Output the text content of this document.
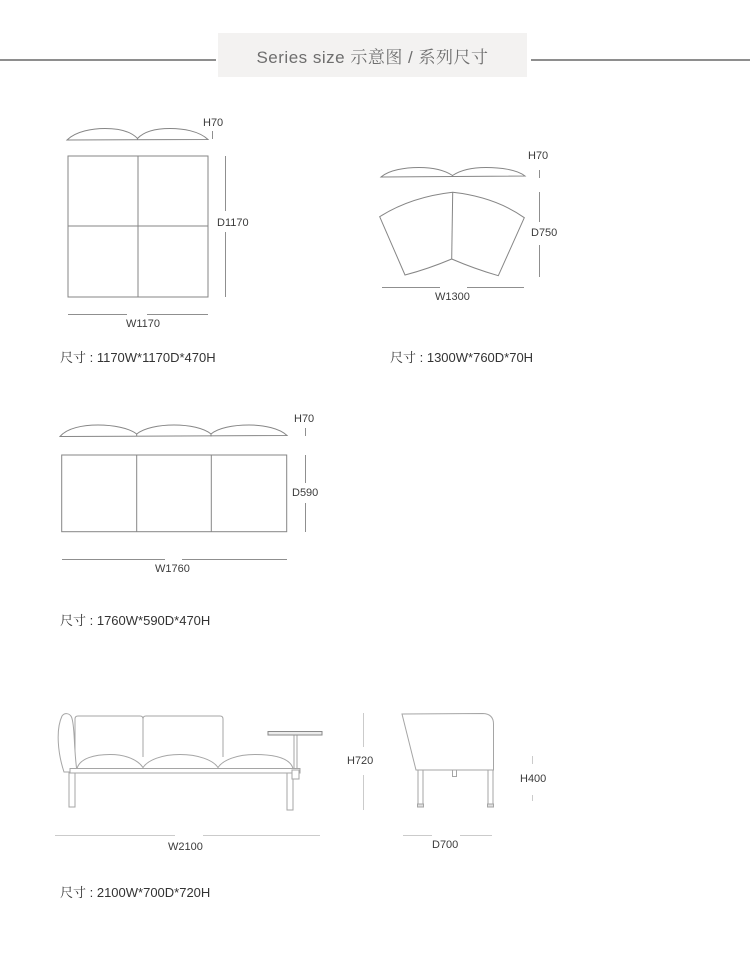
Series size 示意图 / 系列尺寸
H70
D1170
W1170
尺寸 : 1170W*1170D*470H
H70
D750
W1300
尺寸 : 1300W*760D*70H
H70
D590
W1760
尺寸 : 1760W*590D*470H
H720
W2100
H400
D700
尺寸 : 2100W*700D*720H
